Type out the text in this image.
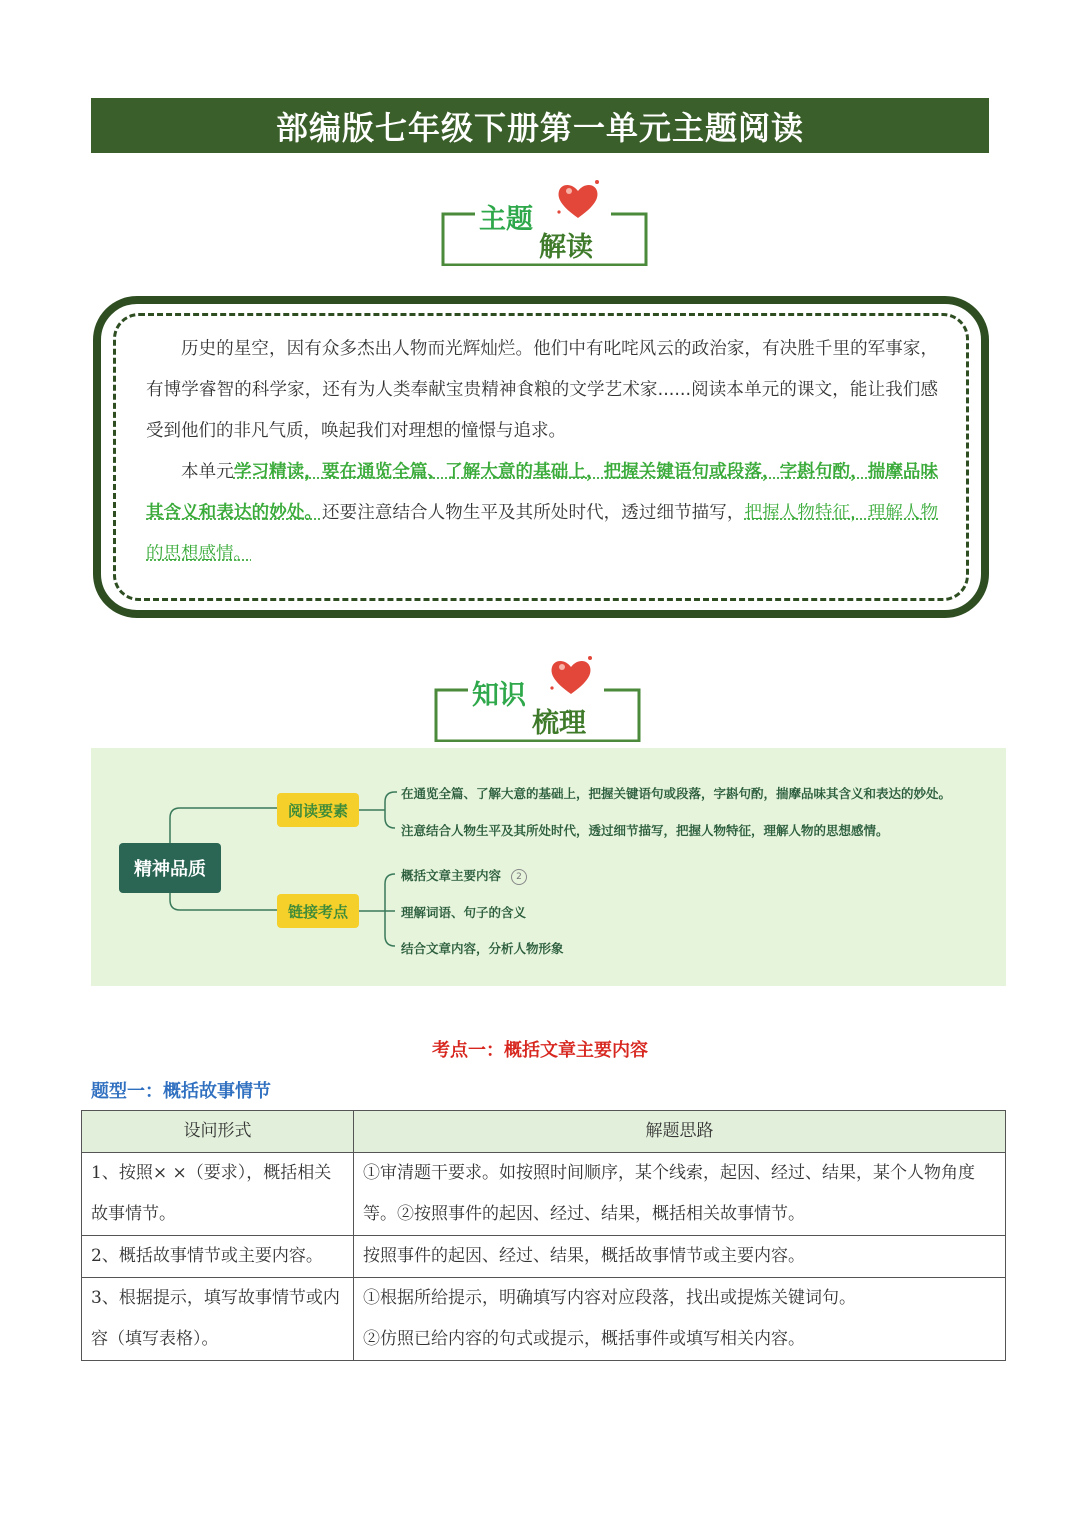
部编版七年级下册第一单元主题阅读
主题
解读

历史的星空，因有众多杰出人物而光辉灿烂。他们中有叱咤风云的政治家，有决胜千里的军事家，有博学睿智的科学家，还有为人类奉献宝贵精神食粮的文学艺术家......阅读本单元的课文，能让我们感受到他们的非凡气质，唤起我们对理想的憧憬与追求。

本单元学习精读，要在通览全篇、了解大意的基础上，把握关键语句或段落，字斟句酌，揣摩品味其含义和表达的妙处。还要注意结合人物生平及其所处时代，透过细节描写，把握人物特征，理解人物的思想感情。

知识
梳理
精神品质
阅读要素
链接考点
在通览全篇、了解大意的基础上，把握关键语句或段落，字斟句酌，揣摩品味其含义和表达的妙处。
注意结合人物生平及其所处时代，透过细节描写，把握人物特征，理解人物的思想感情。
概括文章主要内容 2
理解词语、句子的含义
结合文章内容，分析人物形象
考点一：概括文章主要内容
题型一：概括故事情节
设问形式	解题思路
1、按照× ×（要求），概括相关故事情节。	①审清题干要求。如按照时间顺序，某个线索，起因、经过、结果，某个人物角度等。②按照事件的起因、经过、结果，概括相关故事情节。
2、概括故事情节或主要内容。	按照事件的起因、经过、结果，概括故事情节或主要内容。
3、根据提示，填写故事情节或内容（填写表格）。	①根据所给提示，明确填写内容对应段落，找出或提炼关键词句。
②仿照已给内容的句式或提示，概括事件或填写相关内容。
